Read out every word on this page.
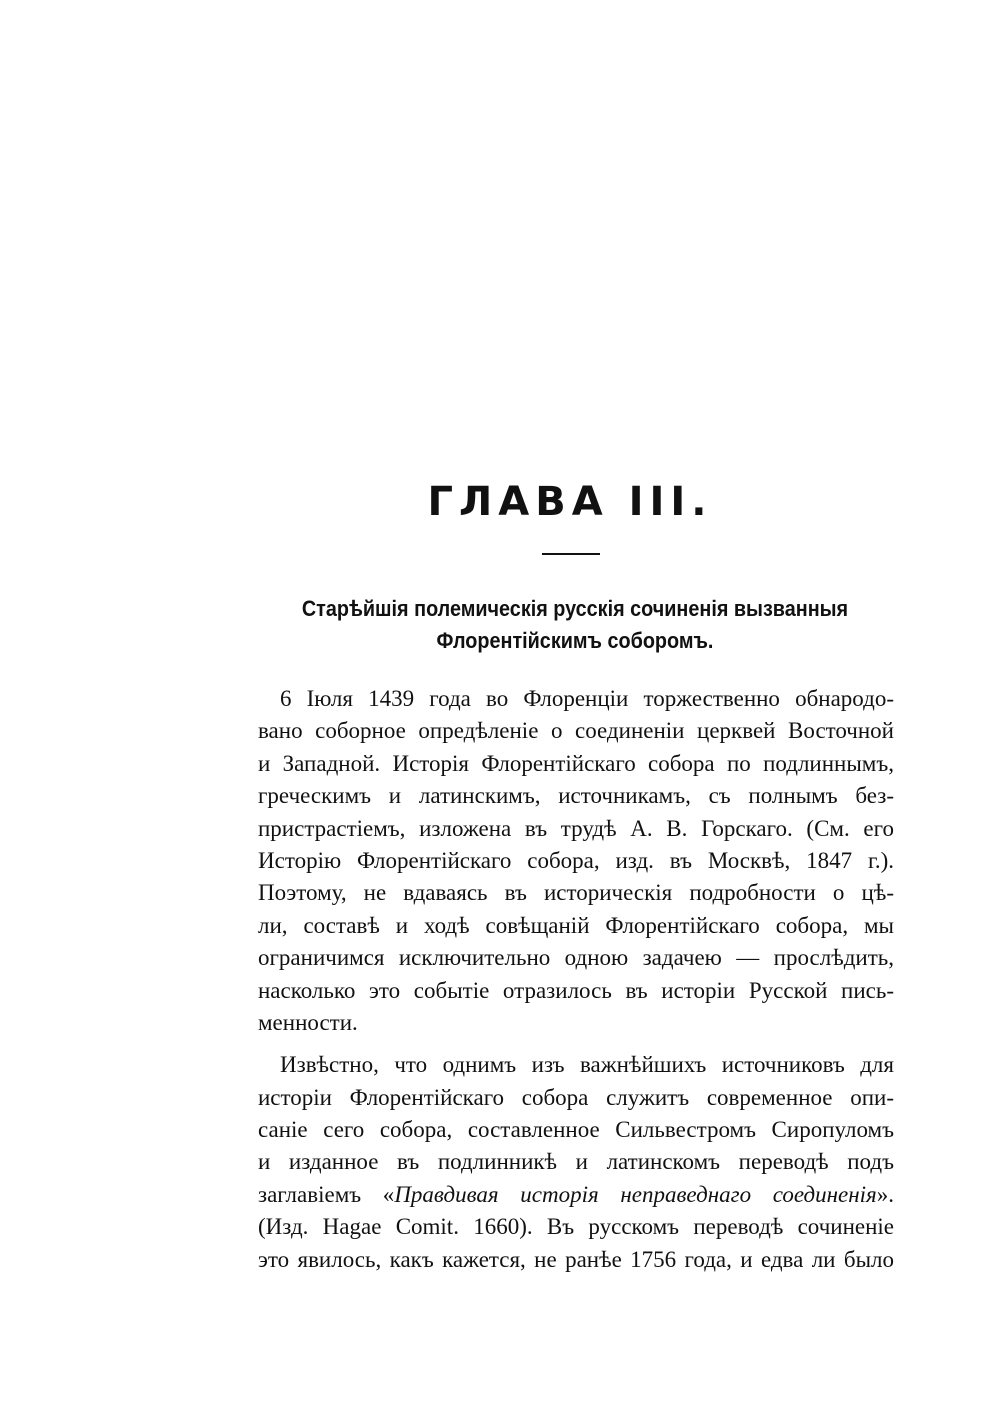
ГЛАВА III.
Старѣйшія полемическія русскія сочиненія вызванныя
Флорентійскимъ соборомъ.
6 Іюля 1439 года во Флоренціи торжественно обнародо-
вано соборное опредѣленіе о соединеніи церквей Восточной
и Западной. Исторія Флорентійскаго собора по подлиннымъ,
греческимъ и латинскимъ, источникамъ, съ полнымъ без-
пристрастіемъ, изложена въ трудѣ А. В. Горскаго. (См. его
Исторію Флорентійскаго собора, изд. въ Москвѣ, 1847 г.).
Поэтому, не вдаваясь въ историческія подробности о цѣ-
ли, составѣ и ходѣ совѣщаній Флорентійскаго собора, мы
ограничимся исключительно одною задачею — прослѣдить,
насколько это событіе отразилось въ исторіи Русской пись-
менности.
Извѣстно, что однимъ изъ важнѣйшихъ источниковъ для
исторіи Флорентійскаго собора служитъ современное опи-
саніе сего собора, составленное Сильвестромъ Сиропуломъ
и изданное въ подлинникѣ и латинскомъ переводѣ подъ
заглавіемъ «Правдивая исторія неправеднаго соединенія».
(Изд. Hagae Comit. 1660). Въ русскомъ переводѣ сочиненіе
это явилось, какъ кажется, не ранѣе 1756 года, и едва ли было
